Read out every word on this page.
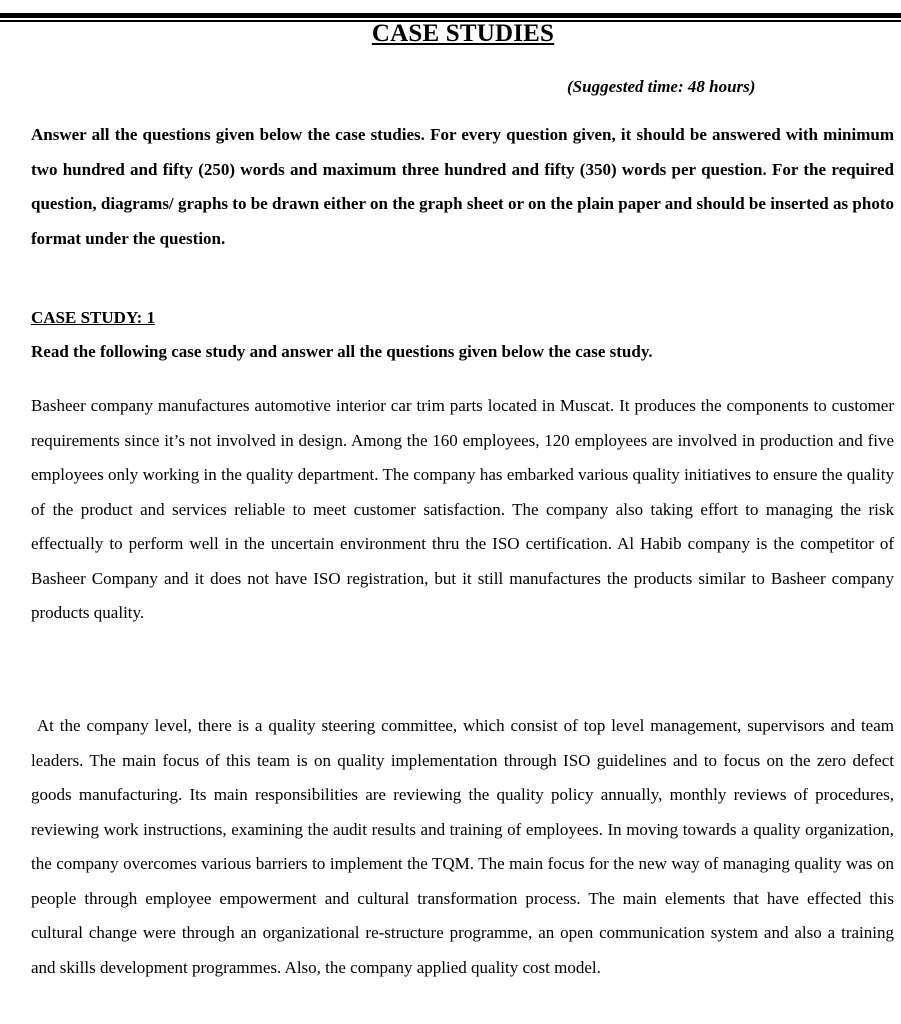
CASE STUDIES
(Suggested time: 48 hours)
Answer all the questions given below the case studies. For every question given, it should be answered with minimum two hundred and fifty (250) words and maximum three hundred and fifty (350) words per question. For the required question, diagrams/ graphs to be drawn either on the graph sheet or on the plain paper and should be inserted as photo format under the question.
CASE STUDY: 1
Read the following case study and answer all the questions given below the case study.
Basheer company manufactures automotive interior car trim parts located in Muscat. It produces the components to customer requirements since it’s not involved in design. Among the 160 employees, 120 employees are involved in production and five employees only working in the quality department. The company has embarked various quality initiatives to ensure the quality of the product and services reliable to meet customer satisfaction. The company also taking effort to managing the risk effectually to perform well in the uncertain environment thru the ISO certification. Al Habib company is the competitor of Basheer Company and it does not have ISO registration, but it still manufactures the products similar to Basheer company products quality.
At the company level, there is a quality steering committee, which consist of top level management, supervisors and team leaders. The main focus of this team is on quality implementation through ISO guidelines and to focus on the zero defect goods manufacturing. Its main responsibilities are reviewing the quality policy annually, monthly reviews of procedures, reviewing work instructions, examining the audit results and training of employees. In moving towards a quality organization, the company overcomes various barriers to implement the TQM. The main focus for the new way of managing quality was on people through employee empowerment and cultural transformation process. The main elements that have effected this cultural change were through an organizational re-structure programme, an open communication system and also a training and skills development programmes. Also, the company applied quality cost model.
